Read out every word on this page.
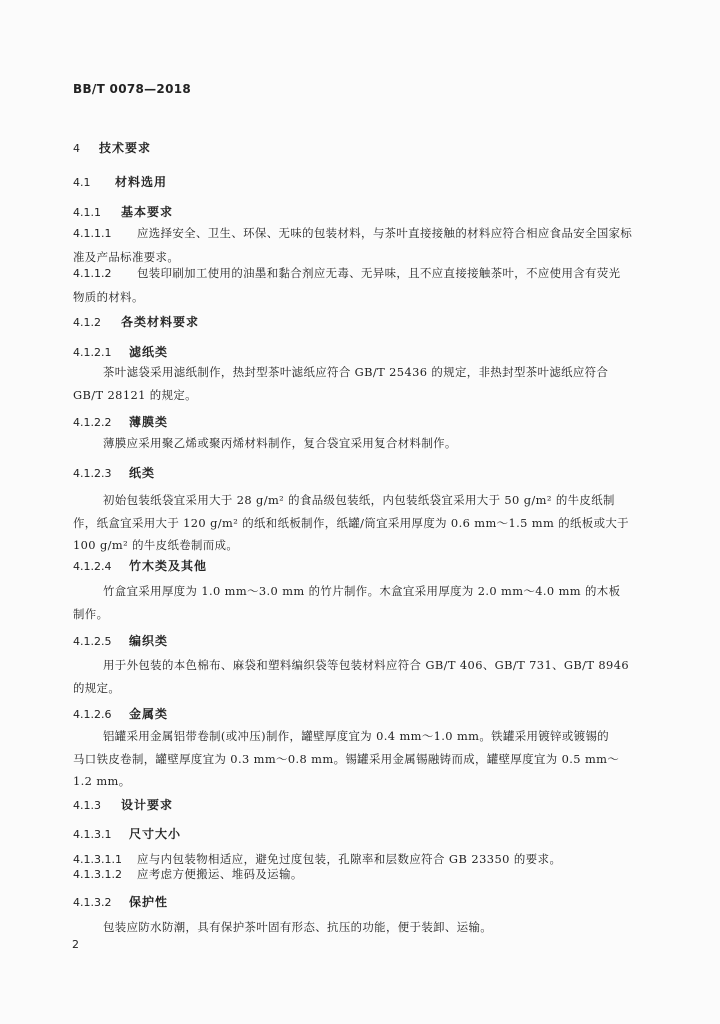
BB/T 0078—2018
4 技术要求
4.1 材料选用
4.1.1 基本要求
4.1.1.1 应选择安全、卫生、环保、无味的包装材料，与茶叶直接接触的材料应符合相应食品安全国家标
准及产品标准要求。
4.1.1.2 包装印刷加工使用的油墨和黏合剂应无毒、无异味，且不应直接接触茶叶，不应使用含有荧光
物质的材料。
4.1.2 各类材料要求
4.1.2.1 滤纸类
茶叶滤袋采用滤纸制作，热封型茶叶滤纸应符合 GB/T 25436 的规定，非热封型茶叶滤纸应符合
GB/T 28121 的规定。
4.1.2.2 薄膜类
薄膜应采用聚乙烯或聚丙烯材料制作，复合袋宜采用复合材料制作。
4.1.2.3 纸类
初始包装纸袋宜采用大于 28 g/m² 的食品级包装纸，内包装纸袋宜采用大于 50 g/m² 的牛皮纸制
作，纸盒宜采用大于 120 g/m² 的纸和纸板制作，纸罐/筒宜采用厚度为 0.6 mm～1.5 mm 的纸板或大于
100 g/m² 的牛皮纸卷制而成。
4.1.2.4 竹木类及其他
竹盒宜采用厚度为 1.0 mm～3.0 mm 的竹片制作。木盒宜采用厚度为 2.0 mm～4.0 mm 的木板
制作。
4.1.2.5 编织类
用于外包装的本色棉布、麻袋和塑料编织袋等包装材料应符合 GB/T 406、GB/T 731、GB/T 8946
的规定。
4.1.2.6 金属类
铝罐采用金属铝带卷制(或冲压)制作，罐壁厚度宜为 0.4 mm～1.0 mm。铁罐采用镀锌或镀锡的
马口铁皮卷制，罐壁厚度宜为 0.3 mm～0.8 mm。锡罐采用金属锡融铸而成，罐壁厚度宜为 0.5 mm～
1.2 mm。
4.1.3 设计要求
4.1.3.1 尺寸大小
4.1.3.1.1 应与内包装物相适应，避免过度包装，孔隙率和层数应符合 GB 23350 的要求。
4.1.3.1.2 应考虑方便搬运、堆码及运输。
4.1.3.2 保护性
包装应防水防潮，具有保护茶叶固有形态、抗压的功能，便于装卸、运输。
2
